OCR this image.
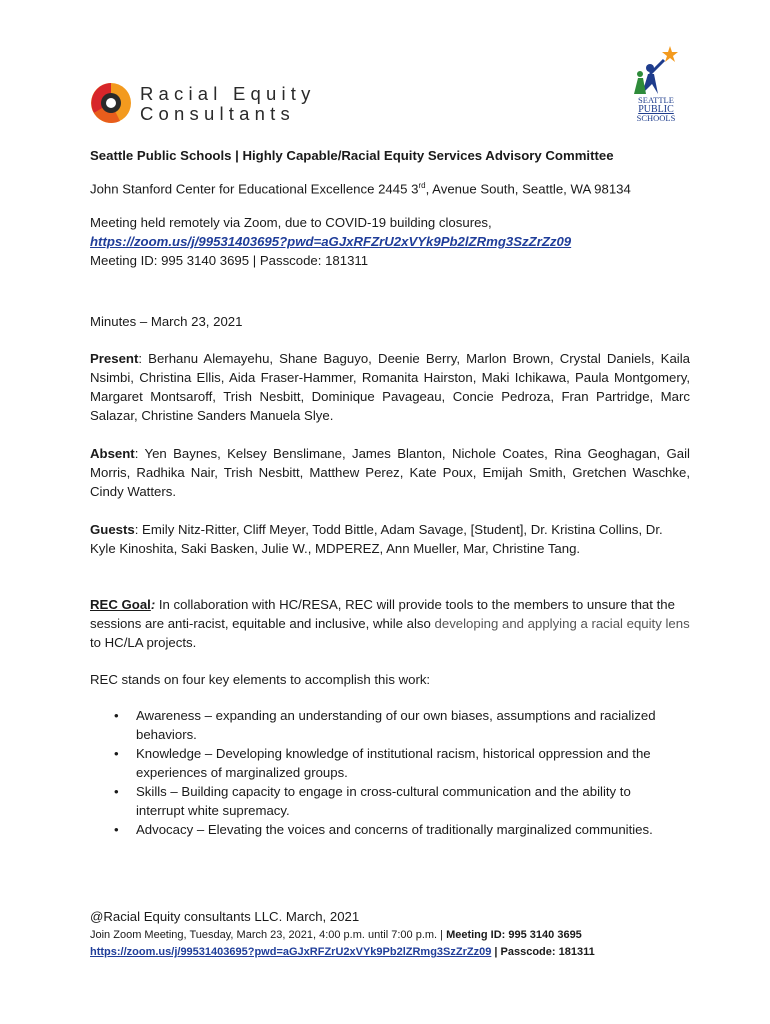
Racial Equity
Consultants
SEATTLE
PUBLIC
SCHOOLS

Seattle Public Schools | Highly Capable/Racial Equity Services Advisory Committee

John Stanford Center for Educational Excellence 2445 3rd, Avenue South, Seattle, WA 98134

Meeting held remotely via Zoom, due to COVID-19 building closures,

https://zoom.us/j/99531403695?pwd=aGJxRFZrU2xVYk9Pb2lZRmg3SzZrZz09

Meeting ID: 995 3140 3695 | Passcode: 181311

Minutes – March 23, 2021

Present: Berhanu Alemayehu, Shane Baguyo, Deenie Berry, Marlon Brown, Crystal Daniels, Kaila Nsimbi, Christina Ellis, Aida Fraser-Hammer, Romanita Hairston, Maki Ichikawa, Paula Montgomery, Margaret Montsaroff, Trish Nesbitt, Dominique Pavageau, Concie Pedroza, Fran Partridge, Marc Salazar, Christine Sanders Manuela Slye.

Absent: Yen Baynes, Kelsey Benslimane, James Blanton, Nichole Coates, Rina Geoghagan, Gail Morris, Radhika Nair, Trish Nesbitt, Matthew Perez, Kate Poux, Emijah Smith, Gretchen Waschke, Cindy Watters.

Guests: Emily Nitz-Ritter, Cliff Meyer, Todd Bittle, Adam Savage, [Student], Dr. Kristina Collins, Dr. Kyle Kinoshita, Saki Basken, Julie W., MDPEREZ, Ann Mueller, Mar, Christine Tang.

REC Goal: In collaboration with HC/RESA, REC will provide tools to the members to unsure that the sessions are anti-racist, equitable and inclusive, while also developing and applying a racial equity lens to HC/LA projects.

REC stands on four key elements to accomplish this work:

• Awareness – expanding an understanding of our own biases, assumptions and racialized behaviors.
• Knowledge – Developing knowledge of institutional racism, historical oppression and the experiences of marginalized groups.
• Skills – Building capacity to engage in cross-cultural communication and the ability to interrupt white supremacy.
• Advocacy – Elevating the voices and concerns of traditionally marginalized communities.
@Racial Equity consultants LLC. March, 2021
Join Zoom Meeting, Tuesday, March 23, 2021, 4:00 p.m. until 7:00 p.m. | Meeting ID: 995 3140 3695
https://zoom.us/j/99531403695?pwd=aGJxRFZrU2xVYk9Pb2lZRmg3SzZrZz09 | Passcode: 181311
